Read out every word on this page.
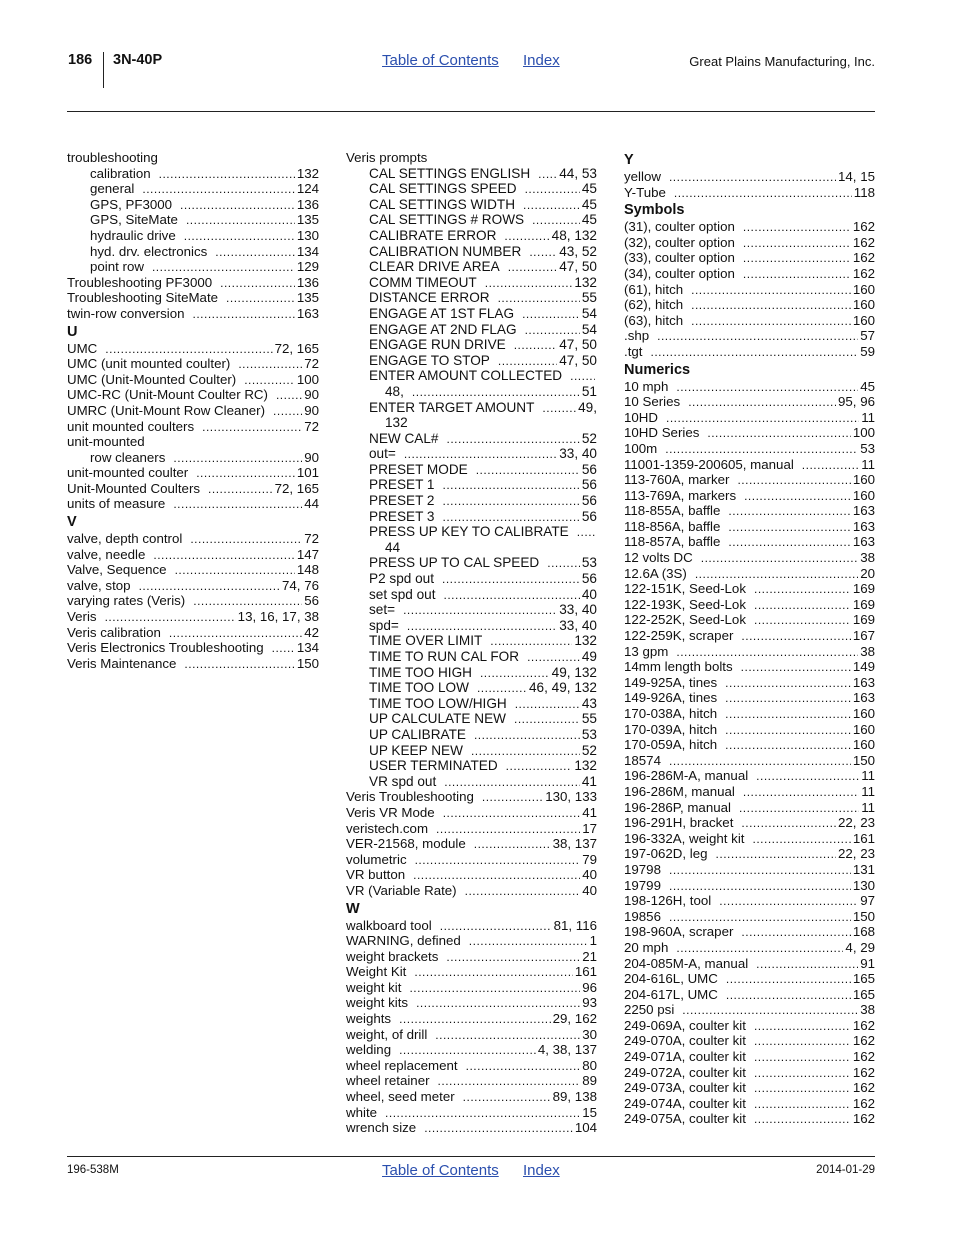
186 3N-40P	Table of Contents Index	Great Plains Manufacturing, Inc.
troubleshooting
calibration .....	132
general .....	124
GPS, PF3000 .....	136
GPS, SiteMate .....	135
hydraulic drive .....	130
hyd. drv. electronics .....	134
point row .....	129
Troubleshooting PF3000 .....	136
Troubleshooting SiteMate .....	135
twin-row conversion .....	163
U
UMC .....	72, 165
UMC (unit mounted coulter) .....	72
UMC (Unit-Mounted Coulter) .....	100
UMC-RC (Unit-Mount Coulter RC) .....	90
UMRC (Unit-Mount Row Cleaner) .....	90
unit mounted coulters .....	72
unit-mounted
row cleaners .....	90
unit-mounted coulter .....	101
Unit-Mounted Coulters .....	72, 165
units of measure .....	44
V
valve, depth control .....	72
valve, needle .....	147
Valve, Sequence .....	148
valve, stop .....	74, 76
varying rates (Veris) .....	56
Veris .....	13, 16, 17, 38
Veris calibration .....	42
Veris Electronics Troubleshooting ..... 134
Veris Maintenance .....	150
Veris prompts
CAL SETTINGS ENGLISH ..... 44, 53
CAL SETTINGS SPEED .....	45
CAL SETTINGS WIDTH .....	45
CAL SETTINGS # ROWS .....	45
CALIBRATE ERROR .....	48, 132
CALIBRATION NUMBER .....	43, 52
CLEAR DRIVE AREA .....	47, 50
COMM TIMEOUT .....	132
DISTANCE ERROR .....	55
ENGAGE AT 1ST FLAG .....	54
ENGAGE AT 2ND FLAG .....	54
ENGAGE RUN DRIVE .....	47, 50
ENGAGE TO STOP .....	47, 50
ENTER AMOUNT COLLECTED
.....
48, .....	51
ENTER TARGET AMOUNT .....	49,
132
NEW CAL# .....	52
out= .....	33, 40
PRESET MODE .....	56
PRESET 1 .....	56
PRESET 2 .....	56
PRESET 3 .....	56
PRESS UP KEY TO CALIBRATE
.....
44
PRESS UP TO CAL SPEED .....	53
P2 spd out .....	56
set spd out .....	40
set= .....	33, 40
spd= .....	33, 40
TIME OVER LIMIT .....	132
TIME TO RUN CAL FOR .....	49
TIME TOO HIGH .....	49, 132
TIME TOO LOW .....	46, 49, 132
TIME TOO LOW/HIGH .....	43
UP CALCULATE NEW .....	55
UP CALIBRATE .....	53
UP KEEP NEW .....	52
USER TERMINATED .....	132
VR spd out .....	41
Veris Troubleshooting .....	130, 133
Veris VR Mode .....	41
veristech.com .....	17
VER-21568, module .....	38, 137
volumetric .....	79
VR button .....	40
VR (Variable Rate) .....	40
W
walkboard tool .....	81, 116
WARNING, defined .....	1
weight brackets .....	21
Weight Kit .....	161
weight kit .....	96
weight kits .....	93
weights .....	29, 162
weight, of drill .....	30
welding .....	4, 38, 137
wheel replacement .....	80
wheel retainer .....	89
wheel, seed meter .....	89, 138
white .....	15
wrench size .....	104
Y
yellow .....	14, 15
Y-Tube .....	118
Symbols
(31), coulter option .....	162
(32), coulter option .....	162
(33), coulter option .....	162
(34), coulter option .....	162
(61), hitch .....	160
(62), hitch .....	160
(63), hitch .....	160
.shp .....	57
.tgt .....	59
Numerics
10 mph .....	45
10 Series .....	95, 96
10HD .....	11
10HD Series .....	100
100m .....	53
11001-1359-200605, manual .....	11
113-760A, marker .....	160
113-769A, markers .....	160
118-855A, baffle .....	163
118-856A, baffle .....	163
118-857A, baffle .....	163
12 volts DC .....	38
12.6A (3S) .....	20
122-151K, Seed-Lok .....	169
122-193K, Seed-Lok .....	169
122-252K, Seed-Lok .....	169
122-259K, scraper .....	167
13 gpm .....	38
14mm length bolts .....	149
149-925A, tines .....	163
149-926A, tines .....	163
170-038A, hitch .....	160
170-039A, hitch .....	160
170-059A, hitch .....	160
18574 .....	150
196-286M-A, manual .....	11
196-286M, manual .....	11
196-286P, manual .....	11
196-291H, bracket .....	22, 23
196-332A, weight kit .....	161
197-062D, leg .....	22, 23
19798 .....	131
19799 .....	130
198-126H, tool .....	97
19856 .....	150
198-960A, scraper .....	168
20 mph .....	4, 29
204-085M-A, manual .....	91
204-616L, UMC .....	165
204-617L, UMC .....	165
2250 psi .....	38
249-069A, coulter kit .....	162
249-070A, coulter kit .....	162
249-071A, coulter kit .....	162
249-072A, coulter kit .....	162
249-073A, coulter kit .....	162
249-074A, coulter kit .....	162
249-075A, coulter kit .....	162
196-538M	Table of Contents Index	2014-01-29
